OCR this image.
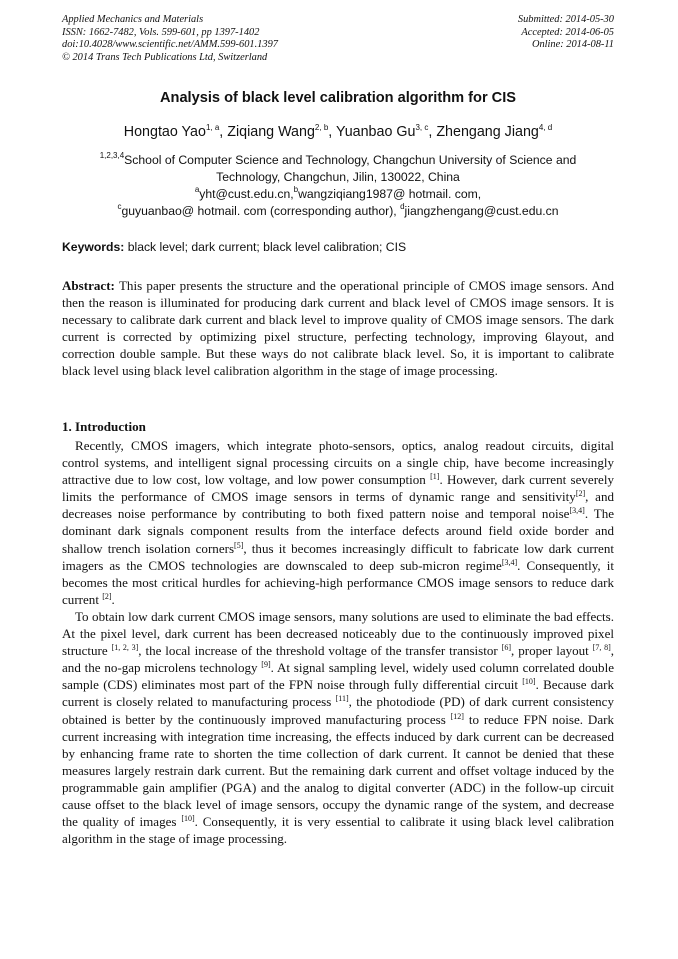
Applied Mechanics and Materials
ISSN: 1662-7482, Vols. 599-601, pp 1397-1402
doi:10.4028/www.scientific.net/AMM.599-601.1397
© 2014 Trans Tech Publications Ltd, Switzerland
Submitted: 2014-05-30
Accepted: 2014-06-05
Online: 2014-08-11
Analysis of black level calibration algorithm for CIS
Hongtao Yao$^{1, a}$, Ziqiang Wang$^{2, b}$, Yuanbao Gu$^{3, c}$, Zhengang Jiang$^{4, d}$
$^{1,2,3,4}$School of Computer Science and Technology, Changchun University of Science and
Technology, Changchun, Jilin, 130022, China
$^a$yht@cust.edu.cn,$^b$wangziqiang1987@ hotmail. com,
$^c$guyuanbao@ hotmail. com (corresponding author), $^d$jiangzhengang@cust.edu.cn
Keywords: black level; dark current; black level calibration; CIS
Abstract: This paper presents the structure and the operational principle of CMOS image sensors. And then the reason is illuminated for producing dark current and black level of CMOS image sensors. It is necessary to calibrate dark current and black level to improve quality of CMOS image sensors. The dark current is corrected by optimizing pixel structure, perfecting technology, improving 6layout, and correction double sample. But these ways do not calibrate black level. So, it is important to calibrate black level using black level calibration algorithm in the stage of image processing.
1. Introduction

Recently, CMOS imagers, which integrate photo-sensors, optics, analog readout circuits, digital control systems, and intelligent signal processing circuits on a single chip, have become increasingly attractive due to low cost, low voltage, and low power consumption [1]. However, dark current severely limits the performance of CMOS image sensors in terms of dynamic range and sensitivity[2], and decreases noise performance by contributing to both fixed pattern noise and temporal noise[3,4]. The dominant dark signals component results from the interface defects around field oxide border and shallow trench isolation corners[5], thus it becomes increasingly difficult to fabricate low dark current imagers as the CMOS technologies are downscaled to deep sub-micron regime[3,4]. Consequently, it becomes the most critical hurdles for achieving-high performance CMOS image sensors to reduce dark current [2].

To obtain low dark current CMOS image sensors, many solutions are used to eliminate the bad effects. At the pixel level, dark current has been decreased noticeably due to the continuously improved pixel structure [1, 2, 3], the local increase of the threshold voltage of the transfer transistor [6], proper layout [7, 8], and the no-gap microlens technology [9]. At signal sampling level, widely used column correlated double sample (CDS) eliminates most part of the FPN noise through fully differential circuit [10]. Because dark current is closely related to manufacturing process [11], the photodiode (PD) of dark current consistency obtained is better by the continuously improved manufacturing process [12] to reduce FPN noise. Dark current increasing with integration time increasing, the effects induced by dark current can be decreased by enhancing frame rate to shorten the time collection of dark current. It cannot be denied that these measures largely restrain dark current. But the remaining dark current and offset voltage induced by the programmable gain amplifier (PGA) and the analog to digital converter (ADC) in the follow-up circuit cause offset to the black level of image sensors, occupy the dynamic range of the system, and decrease the quality of images [10]. Consequently, it is very essential to calibrate it using black level calibration algorithm in the stage of image processing.
